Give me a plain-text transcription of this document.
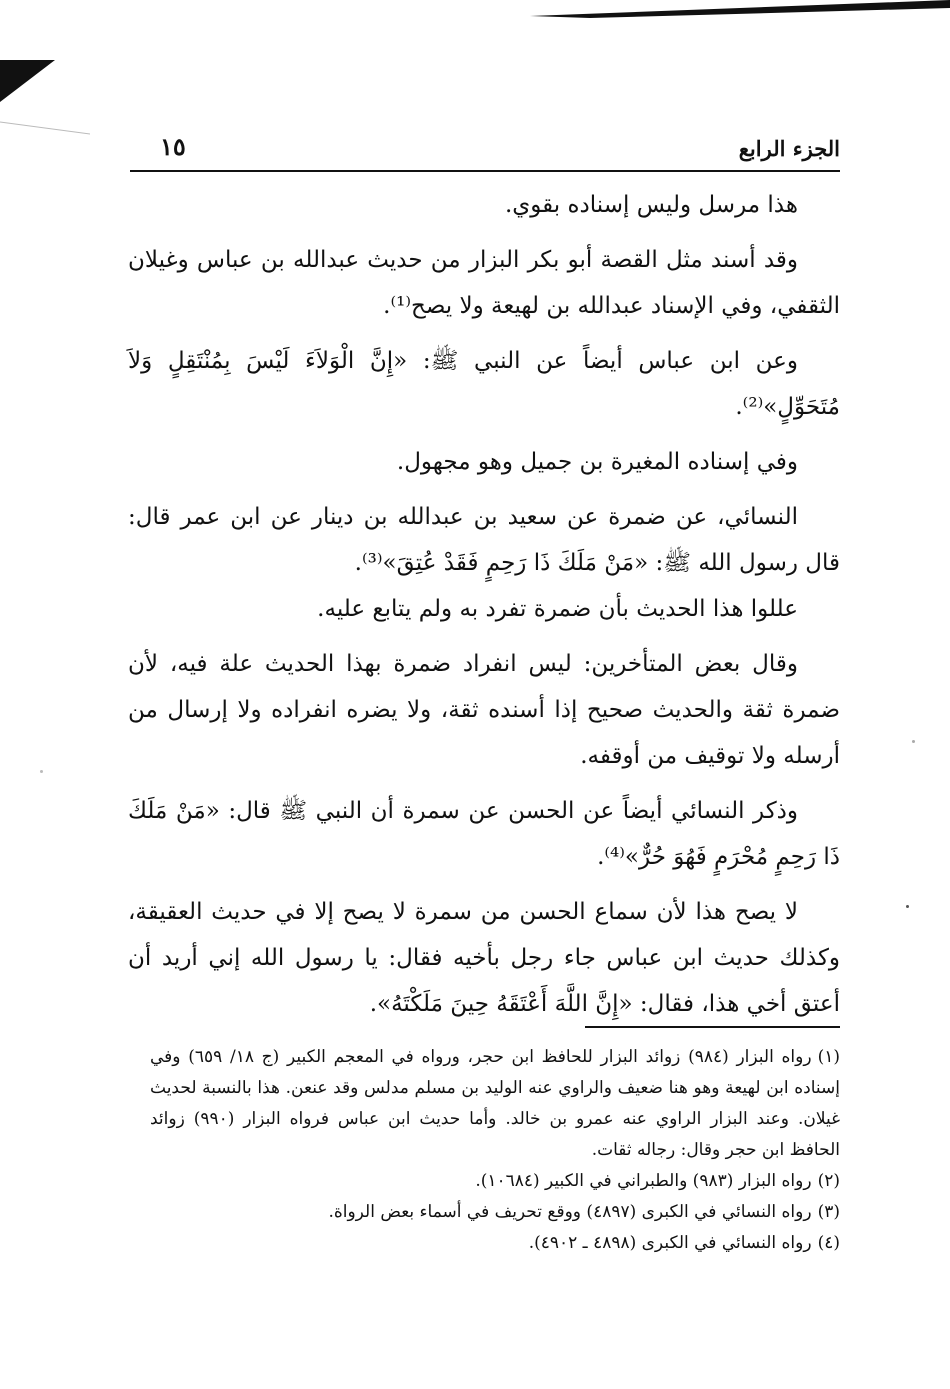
الجزء الرابع
١٥

هذا مرسل وليس إسناده بقوي.

وقد أسند مثل القصة أبو بكر البزار من حديث عبدالله بن عباس وغيلان الثقفي، وفي الإسناد عبدالله بن لهيعة ولا يصح⁽¹⁾.

وعن ابن عباس أيضاً عن النبي ﷺ: «إِنَّ الْوَلاَءَ لَيْسَ بِمُنْتَقِلٍ وَلاَ مُتَحَوِّلٍ»⁽²⁾.

وفي إسناده المغيرة بن جميل وهو مجهول.

النسائي، عن ضمرة عن سعيد بن عبدالله بن دينار عن ابن عمر قال: قال رسول الله ﷺ: «مَنْ مَلَكَ ذَا رَحِمٍ فَقَدْ عُتِقَ»⁽³⁾.

عللوا هذا الحديث بأن ضمرة تفرد به ولم يتابع عليه.

وقال بعض المتأخرين: ليس انفراد ضمرة بهذا الحديث علة فيه، لأن ضمرة ثقة والحديث صحيح إذا أسنده ثقة، ولا يضره انفراده ولا إرسال من أرسله ولا توقيف من أوقفه.

وذكر النسائي أيضاً عن الحسن عن سمرة أن النبي ﷺ قال: «مَنْ مَلَكَ ذَا رَحِمٍ مُحْرَمٍ فَهُوَ حُرٌّ»⁽⁴⁾.

لا يصح هذا لأن سماع الحسن من سمرة لا يصح إلا في حديث العقيقة، وكذلك حديث ابن عباس جاء رجل بأخيه فقال: يا رسول الله إني أريد أن أعتق أخي هذا، فقال: «إِنَّ اللَّهَ أَعْتَقَهُ حِينَ مَلَكْتَهُ».

(١)رواه البزار (٩٨٤) زوائد البزار للحافظ ابن حجر، ورواه في المعجم الكبير (ج ١٨/ ٦٥٩) وفي إسناده ابن لهيعة وهو هنا ضعيف والراوي عنه الوليد بن مسلم مدلس وقد عنعن. هذا بالنسبة لحديث غيلان. وعند البزار الراوي عنه عمرو بن خالد. وأما حديث ابن عباس فرواه البزار (٩٩٠) زوائد الحافظ ابن حجر وقال: رجاله ثقات.

(٢)رواه البزار (٩٨٣) والطبراني في الكبير (١٠٦٨٤).

(٣)رواه النسائي في الكبرى (٤٨٩٧) ووقع تحريف في أسماء بعض الرواة.

(٤)رواه النسائي في الكبرى (٤٨٩٨ ـ ٤٩٠٢).
